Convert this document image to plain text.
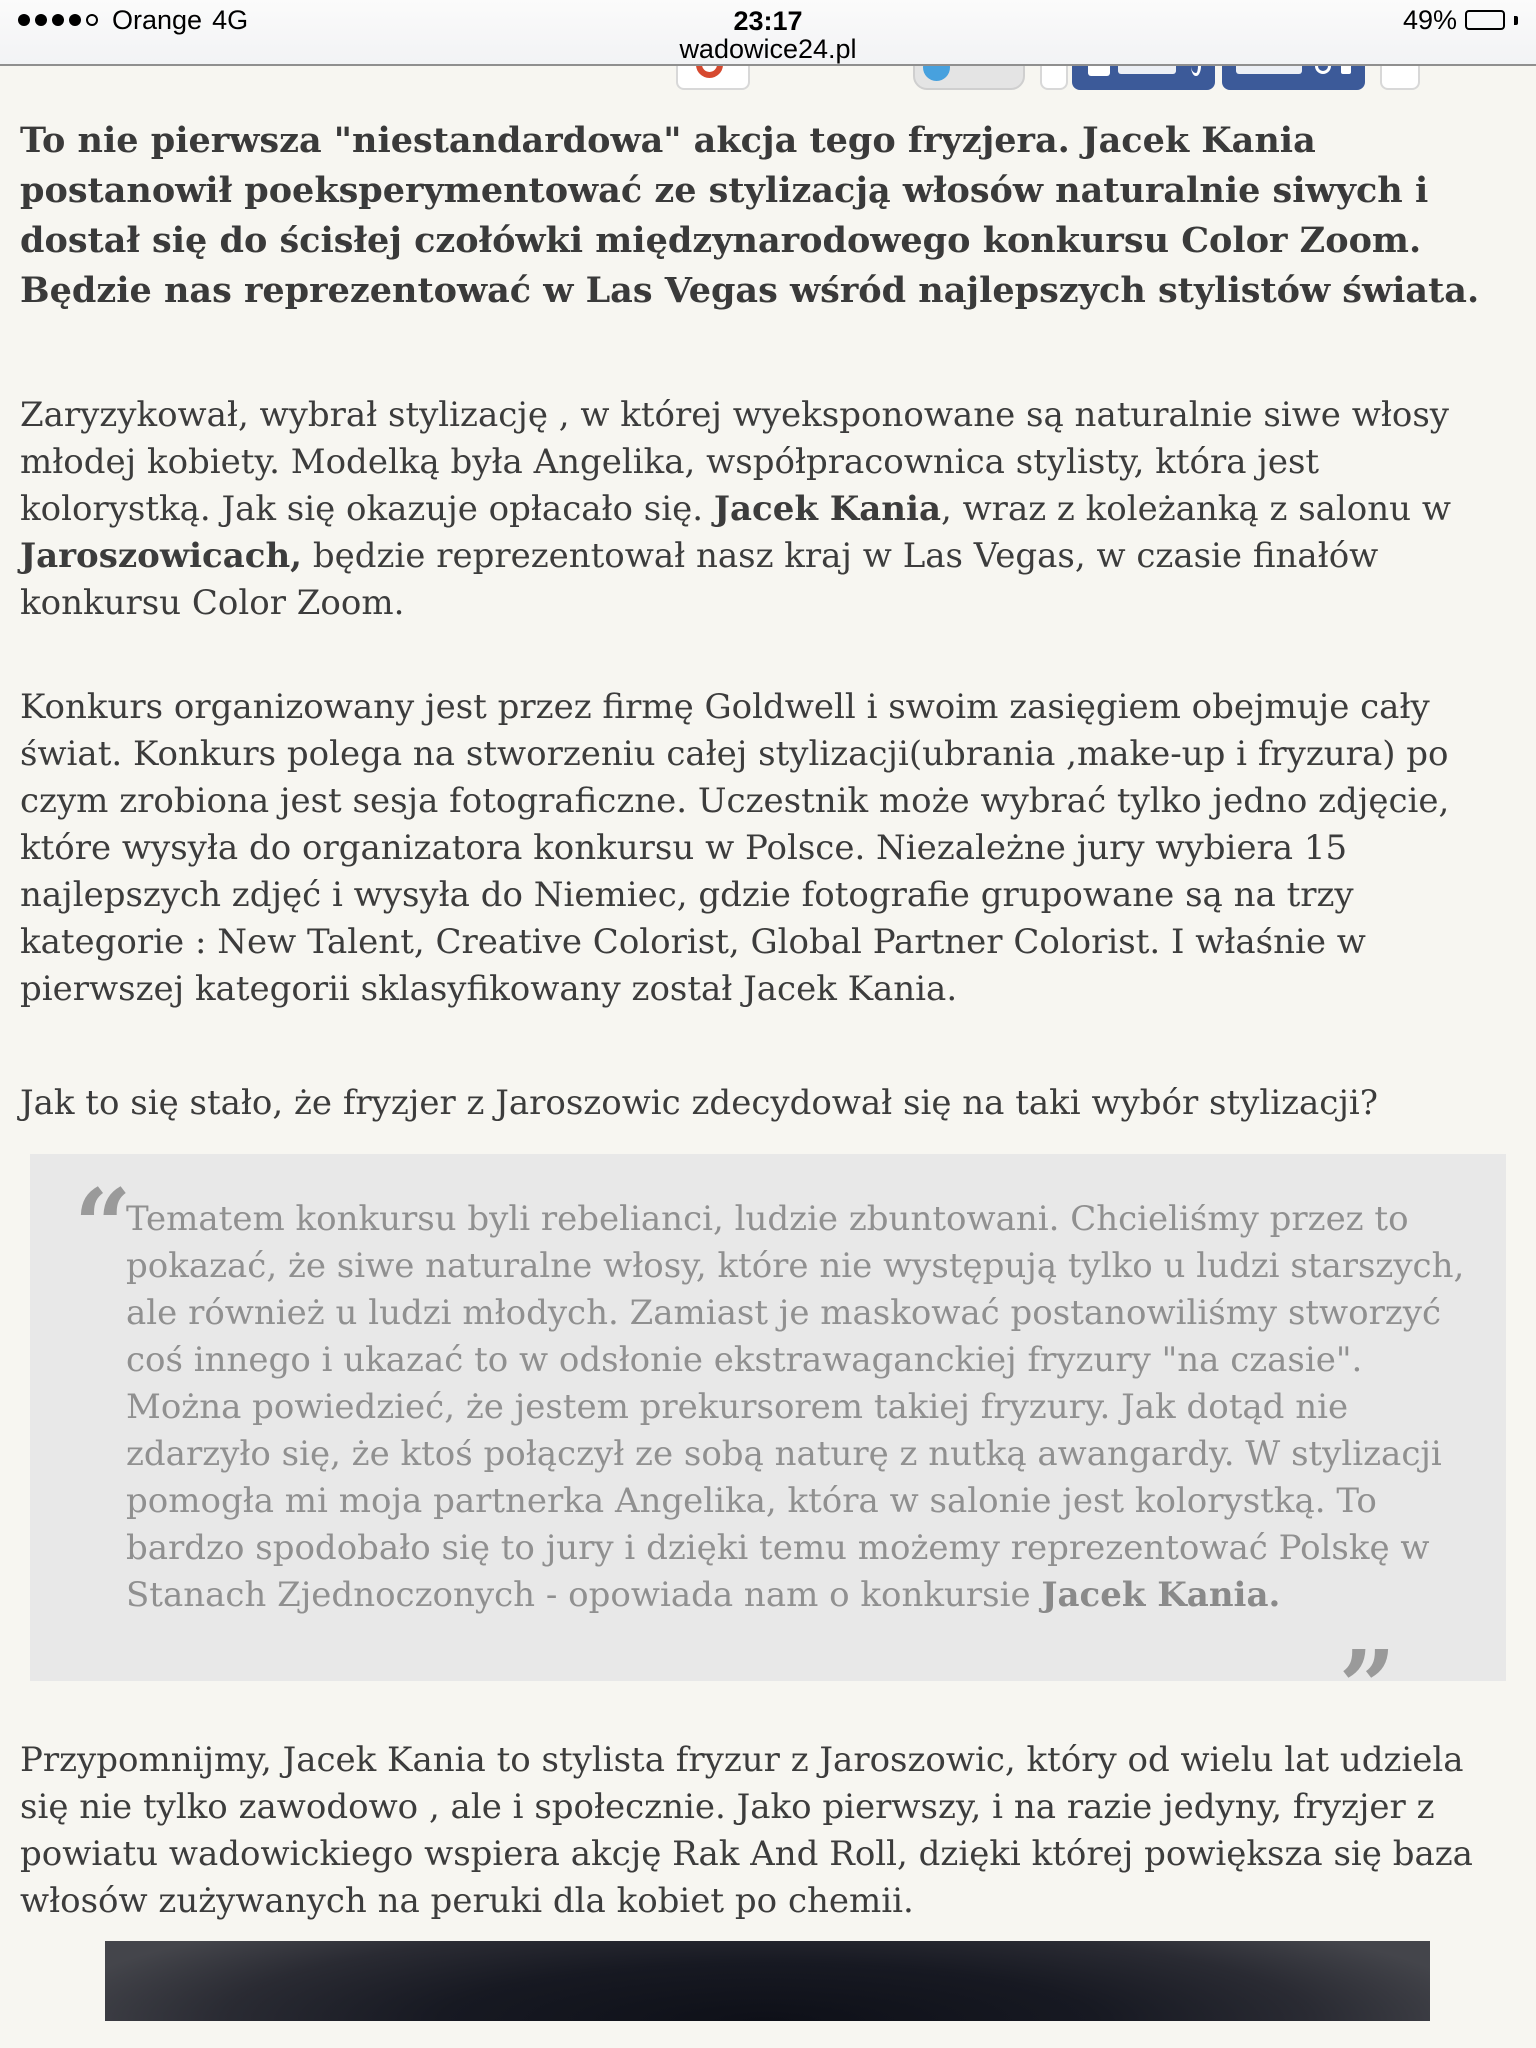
Orange 4G	23:17	49%
wadowice24.pl

To nie pierwsza "niestandardowa" akcja tego fryzjera. Jacek Kania postanowił poeksperymentować ze stylizacją włosów naturalnie siwych i dostał się do ścisłej czołówki międzynarodowego konkursu Color Zoom. Będzie nas reprezentować w Las Vegas wśród najlepszych stylistów świata.

Zaryzykował, wybrał stylizację , w której wyeksponowane są naturalnie siwe włosy młodej kobiety. Modelką była Angelika, współpracownica stylisty, która jest kolorystką. Jak się okazuje opłacało się. Jacek Kania, wraz z koleżanką z salonu w Jaroszowicach, będzie reprezentował nasz kraj w Las Vegas, w czasie finałów konkursu Color Zoom.

Konkurs organizowany jest przez firmę Goldwell i swoim zasięgiem obejmuje cały świat. Konkurs polega na stworzeniu całej stylizacji(ubrania ,make-up i fryzura) po czym zrobiona jest sesja fotograficzne. Uczestnik może wybrać tylko jedno zdjęcie, które wysyła do organizatora konkursu w Polsce. Niezależne jury wybiera 15 najlepszych zdjęć i wysyła do Niemiec, gdzie fotografie grupowane są na trzy kategorie : New Talent, Creative Colorist, Global Partner Colorist. I właśnie w pierwszej kategorii sklasyfikowany został Jacek Kania.

Jak to się stało, że fryzjer z Jaroszowic zdecydował się na taki wybór stylizacji?

“

Tematem konkursu byli rebelianci, ludzie zbuntowani. Chcieliśmy przez to pokazać, że siwe naturalne włosy, które nie występują tylko u ludzi starszych, ale również u ludzi młodych. Zamiast je maskować postanowiliśmy stworzyć coś innego i ukazać to w odsłonie ekstrawaganckiej fryzury "na czasie". Można powiedzieć, że jestem prekursorem takiej fryzury. Jak dotąd nie zdarzyło się, że ktoś połączył ze sobą naturę z nutką awangardy. W stylizacji pomogła mi moja partnerka Angelika, która w salonie jest kolorystką. To bardzo spodobało się to jury i dzięki temu możemy reprezentować Polskę w Stanach Zjednoczonych - opowiada nam o konkursie Jacek Kania.

”

Przypomnijmy, Jacek Kania to stylista fryzur z Jaroszowic, który od wielu lat udziela się nie tylko zawodowo , ale i społecznie. Jako pierwszy, i na razie jedyny, fryzjer z powiatu wadowickiego wspiera akcję Rak And Roll, dzięki której powiększa się baza włosów zużywanych na peruki dla kobiet po chemii.
